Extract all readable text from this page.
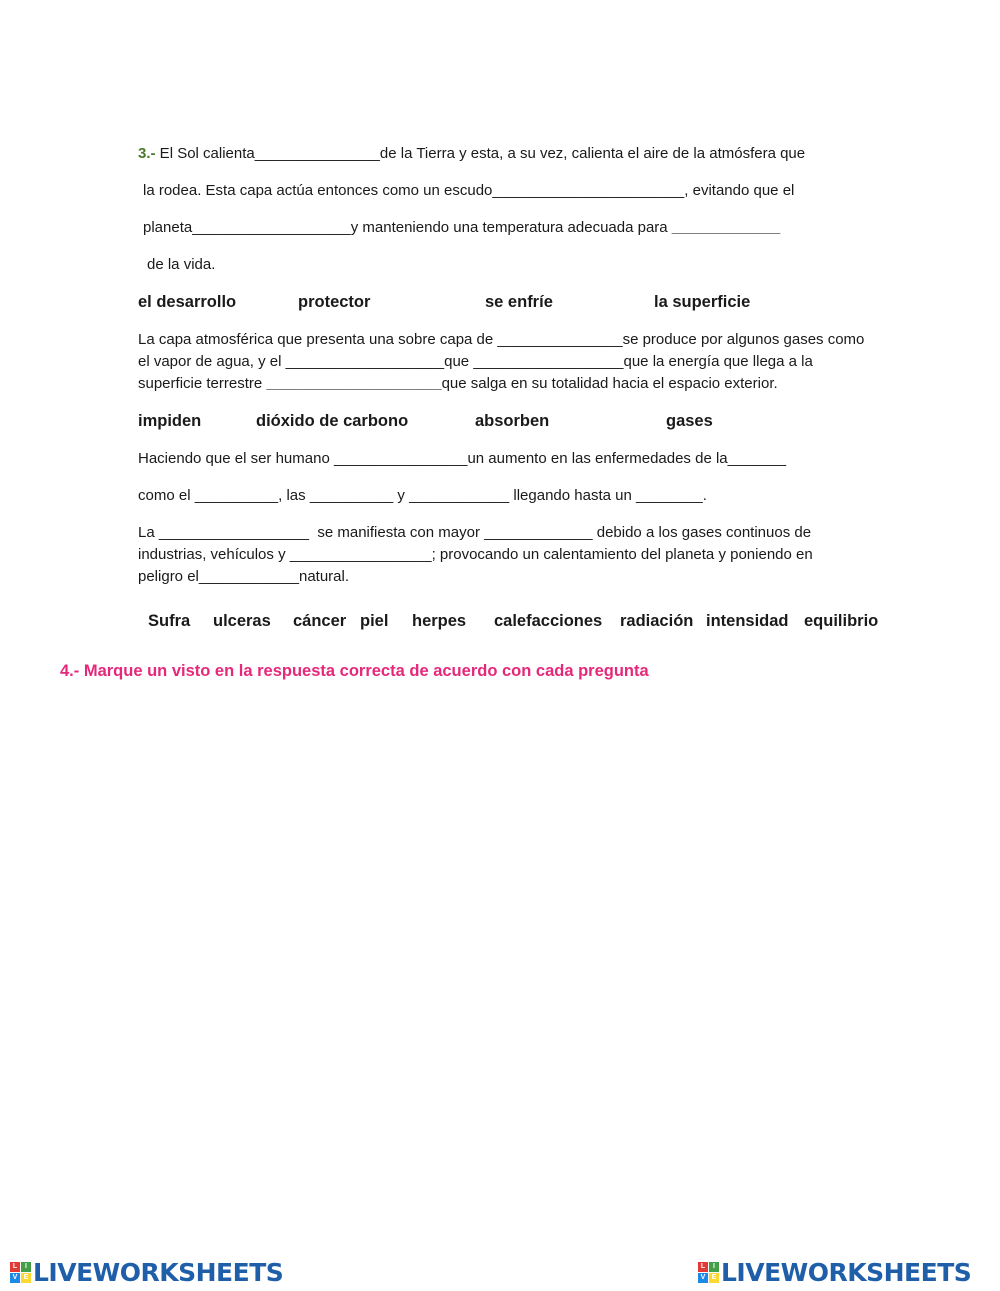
3.- El Sol calienta_______________de la Tierra y esta, a su vez, calienta el aire de la atmósfera que
la rodea. Esta capa actúa entonces como un escudo_______________________, evitando que el
planeta___________________y manteniendo una temperatura adecuada para _____________
de la vida.
el desarrollo	protector	se enfríe	la superficie
La capa atmosférica que presenta una sobre capa de _______________se produce por algunos gases como
el vapor de agua, y el ___________________que __________________que la energía que llega a la
superficie terrestre _____________________que salga en su totalidad hacia el espacio exterior.
impiden	dióxido de carbono	absorben	gases
Haciendo que el ser humano ________________un aumento en las enfermedades de la_______
como el __________, las __________ y ____________ llegando hasta un ________.
La __________________  se manifiesta con mayor _____________ debido a los gases continuos de
industrias, vehículos y _________________; provocando un calentamiento del planeta y poniendo en
peligro el____________natural.
Sufra ulceras cáncer piel herpes calefacciones radiación intensidad equilibrio
4.- Marque un visto en la respuesta correcta de acuerdo con cada pregunta
L	I
V E LIVEWORKSHEETS	L	I
V E LIVEWORKSHEETS
